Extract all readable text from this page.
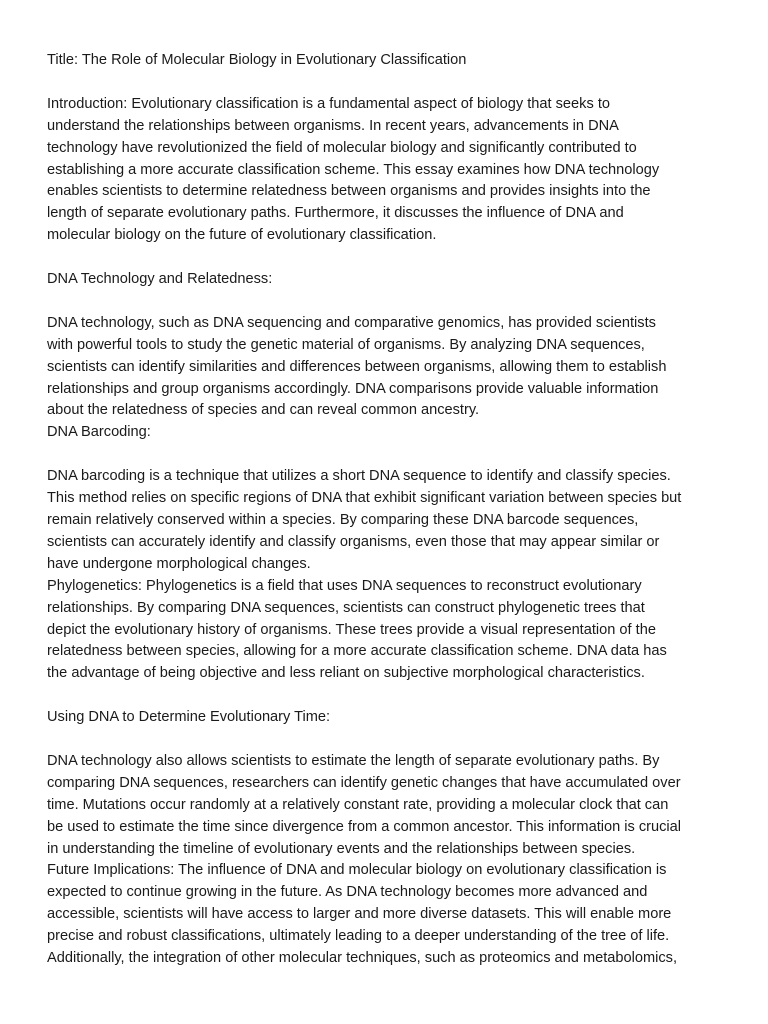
Title: The Role of Molecular Biology in Evolutionary Classification

Introduction: Evolutionary classification is a fundamental aspect of biology that seeks to
understand the relationships between organisms. In recent years, advancements in DNA
technology have revolutionized the field of molecular biology and significantly contributed to
establishing a more accurate classification scheme. This essay examines how DNA technology
enables scientists to determine relatedness between organisms and provides insights into the
length of separate evolutionary paths. Furthermore, it discusses the influence of DNA and
molecular biology on the future of evolutionary classification.

DNA Technology and Relatedness:

DNA technology, such as DNA sequencing and comparative genomics, has provided scientists
with powerful tools to study the genetic material of organisms. By analyzing DNA sequences,
scientists can identify similarities and differences between organisms, allowing them to establish
relationships and group organisms accordingly. DNA comparisons provide valuable information
about the relatedness of species and can reveal common ancestry.

DNA Barcoding:

DNA barcoding is a technique that utilizes a short DNA sequence to identify and classify species.
This method relies on specific regions of DNA that exhibit significant variation between species but
remain relatively conserved within a species. By comparing these DNA barcode sequences,
scientists can accurately identify and classify organisms, even those that may appear similar or
have undergone morphological changes.

Phylogenetics: Phylogenetics is a field that uses DNA sequences to reconstruct evolutionary
relationships. By comparing DNA sequences, scientists can construct phylogenetic trees that
depict the evolutionary history of organisms. These trees provide a visual representation of the
relatedness between species, allowing for a more accurate classification scheme. DNA data has
the advantage of being objective and less reliant on subjective morphological characteristics.

Using DNA to Determine Evolutionary Time:

DNA technology also allows scientists to estimate the length of separate evolutionary paths. By
comparing DNA sequences, researchers can identify genetic changes that have accumulated over
time. Mutations occur randomly at a relatively constant rate, providing a molecular clock that can
be used to estimate the time since divergence from a common ancestor. This information is crucial
in understanding the timeline of evolutionary events and the relationships between species.

Future Implications: The influence of DNA and molecular biology on evolutionary classification is
expected to continue growing in the future. As DNA technology becomes more advanced and
accessible, scientists will have access to larger and more diverse datasets. This will enable more
precise and robust classifications, ultimately leading to a deeper understanding of the tree of life.
Additionally, the integration of other molecular techniques, such as proteomics and metabolomics,
